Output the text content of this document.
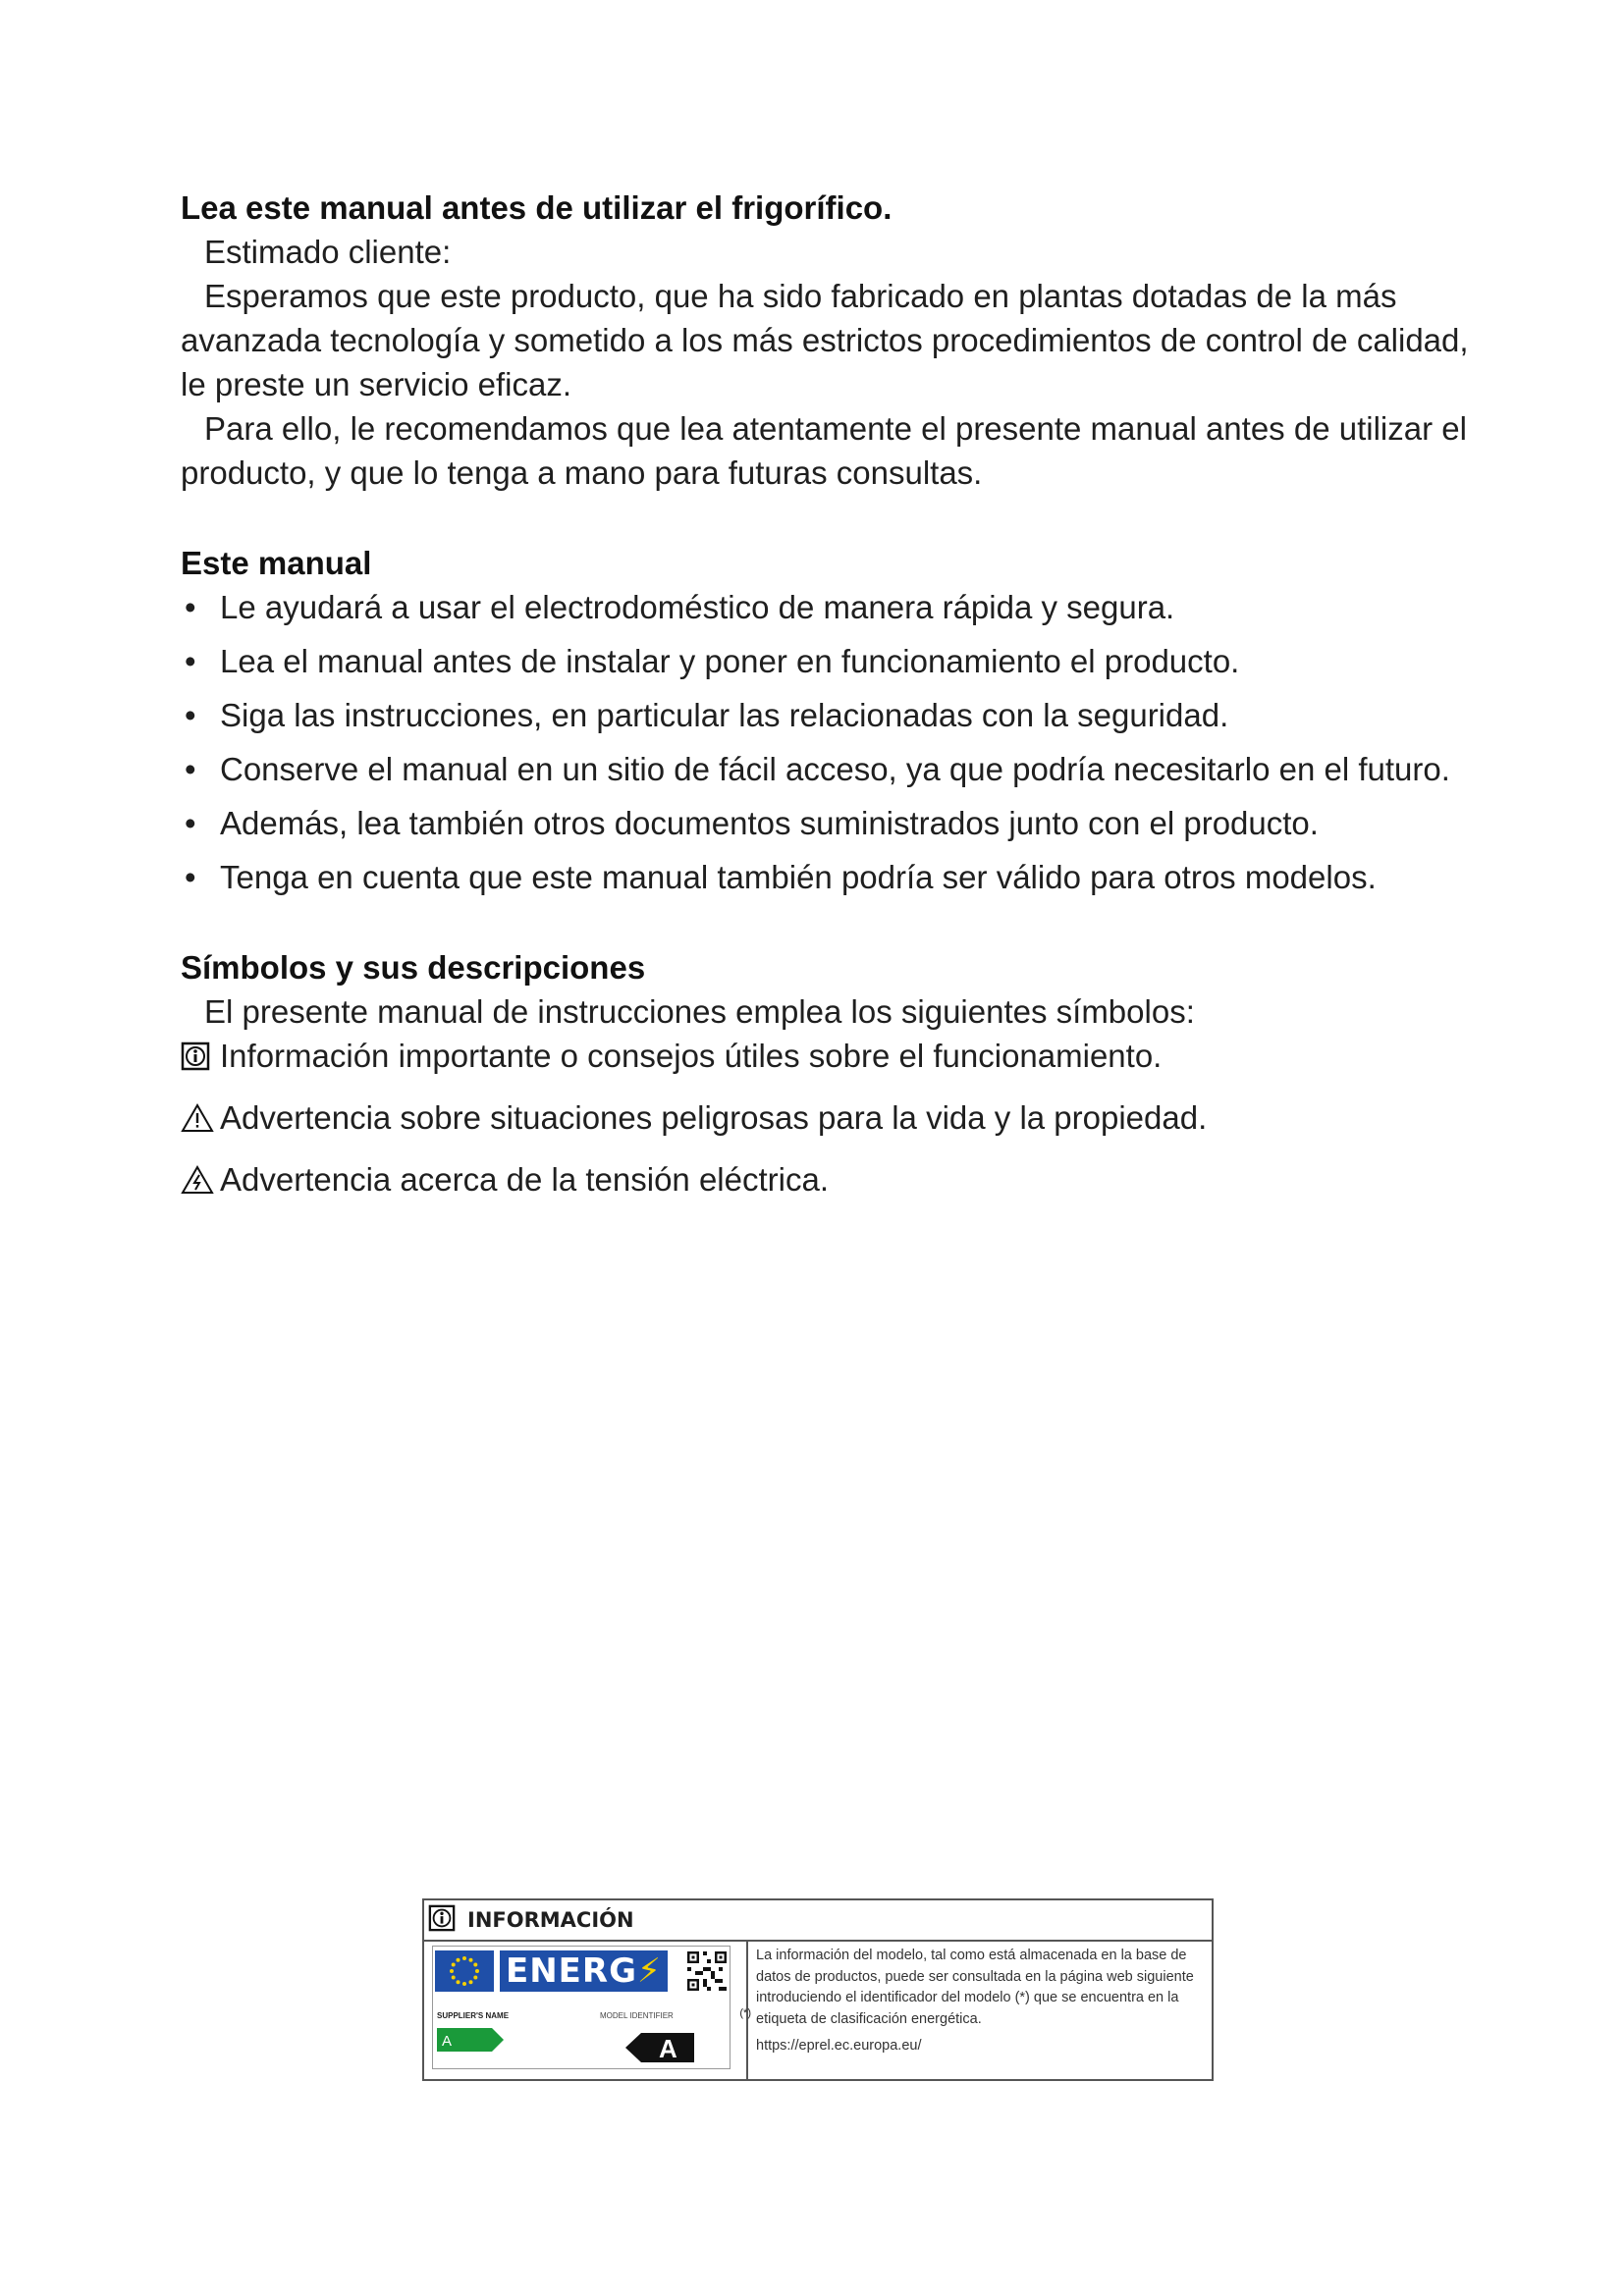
Lea este manual antes de utilizar el frigorífico.

Estimado cliente:

Esperamos que este producto, que ha sido fabricado en plantas dotadas de la más avanzada tecnología y sometido a los más estrictos procedimientos de control de calidad, le preste un servicio eficaz.

Para ello, le recomendamos que lea atentamente el presente manual antes de utilizar el producto, y que lo tenga a mano para futuras consultas.

Este manual
• Le ayudará a usar el electrodoméstico de manera rápida y segura.
• Lea el manual antes de instalar y poner en funcionamiento el producto.
• Siga las instrucciones, en particular las relacionadas con la seguridad.
• Conserve el manual en un sitio de fácil acceso, ya que podría necesitarlo en el futuro.
• Además, lea también otros documentos suministrados junto con el producto.
• Tenga en cuenta que este manual también podría ser válido para otros modelos.
Símbolos y sus descripciones

El presente manual de instrucciones emplea los siguientes símbolos:

Información importante o consejos útiles sobre el funcionamiento.
Advertencia sobre situaciones peligrosas para la vida y la propiedad.
Advertencia acerca de la tensión eléctrica.
INFORMACIÓN
ENERG⚡
SUPPLIER'S NAME	MODEL IDENTIFIER	(*)
A	A
La información del modelo, tal como está almacenada en la base de datos de productos, puede ser consultada en la página web siguiente introduciendo el identificador del modelo (*) que se encuentra en la etiqueta de clasificación energética.
https://eprel.ec.europa.eu/
